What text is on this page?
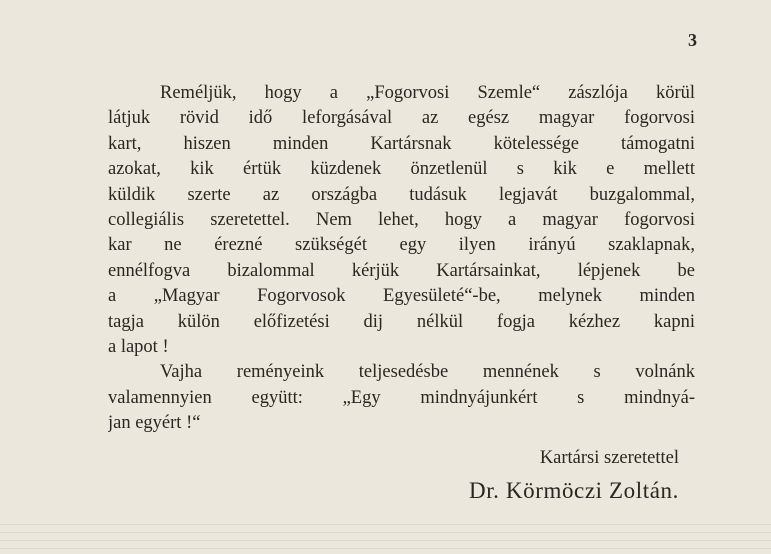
3
Reméljük, hogy a „Fogorvosi Szemle“ zászlója körül
látjuk rövid idő leforgásával az egész magyar fogorvosi
kart, hiszen minden Kartársnak kötelessége támogatni
azokat, kik értük küzdenek önzetlenül s kik e mellett
küldik szerte az országba tudásuk legjavát buzgalommal,
collegiális szeretettel. Nem lehet, hogy a magyar fogorvosi
kar ne érezné szükségét egy ilyen irányú szaklapnak,
ennélfogva bizalommal kérjük Kartársainkat, lépjenek be
a „Magyar Fogorvosok Egyesületé“-be, melynek minden
tagja külön előfizetési dij nélkül fogja kézhez kapni
a lapot !
Vajha reményeink teljesedésbe mennének s volnánk
valamennyien együtt: „Egy mindnyájunkért s mindnyá-
jan egyért !“
Kartársi szeretettel
Dr. Körmöczi Zoltán.
